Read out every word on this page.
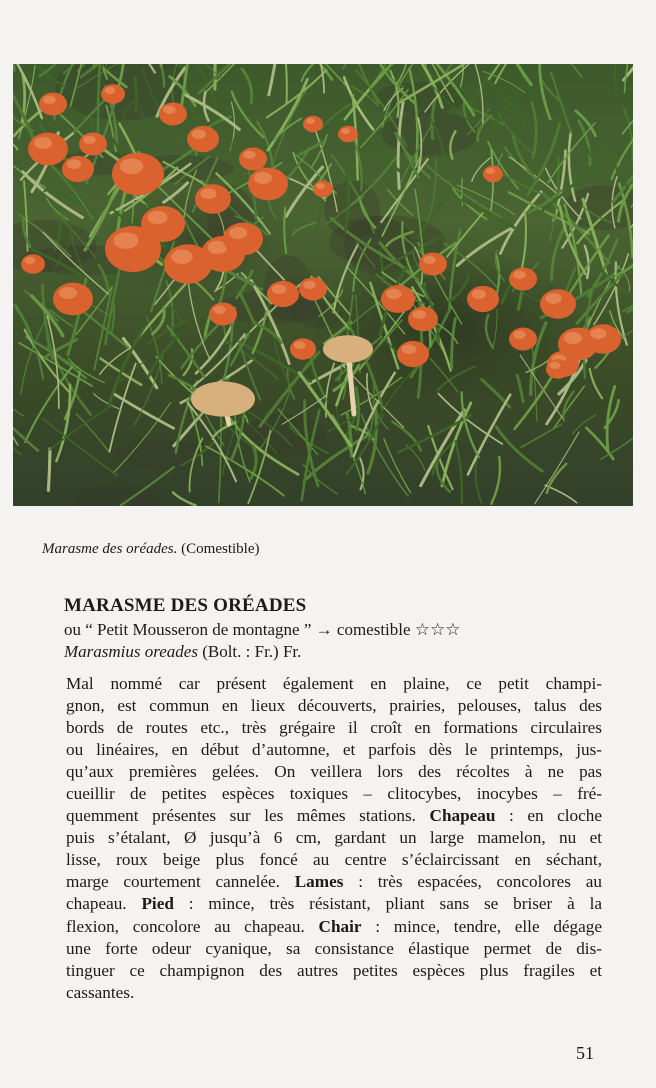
Marasme des oréades. (Comestible)
MARASME DES ORÉADES
ou “ Petit Mousseron de montagne ” → comestible ☆☆☆
Marasmius oreades (Bolt. : Fr.) Fr.
Mal nommé car présent également en plaine, ce petit champi-
gnon, est commun en lieux découverts, prairies, pelouses, talus des
bords de routes etc., très grégaire il croît en formations circulaires
ou linéaires, en début d’automne, et parfois dès le printemps, jus-
qu’aux premières gelées. On veillera lors des récoltes à ne pas
cueillir de petites espèces toxiques – clitocybes, inocybes – fré-
quemment présentes sur les mêmes stations. Chapeau : en cloche
puis s’étalant, Ø jusqu’à 6 cm, gardant un large mamelon, nu et
lisse, roux beige plus foncé au centre s’éclaircissant en séchant,
marge courtement cannelée. Lames : très espacées, concolores au
chapeau. Pied : mince, très résistant, pliant sans se briser à la
flexion, concolore au chapeau. Chair : mince, tendre, elle dégage
une forte odeur cyanique, sa consistance élastique permet de dis-
tinguer ce champignon des autres petites espèces plus fragiles et
cassantes.
51
